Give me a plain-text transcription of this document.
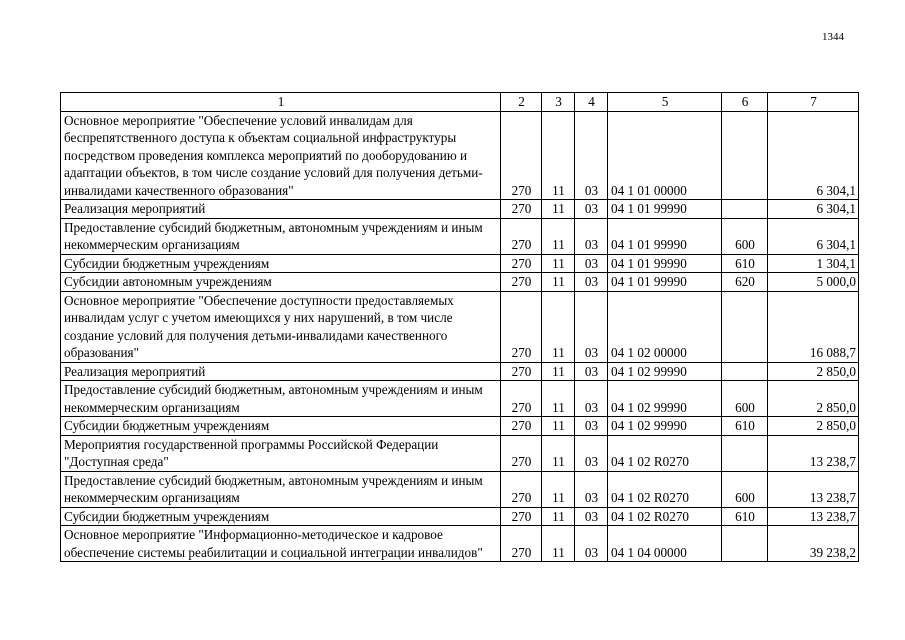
1344
1	2	3	4	5	6	7
Основное мероприятие "Обеспечение условий инвалидам для беспрепятственного доступа к объектам социальной инфраструктуры посредством проведения комплекса мероприятий по дооборудованию и адаптации объектов, в том числе создание условий для получения детьми-инвалидами качественного образования"	270	11	03	04 1 01 00000		6 304,1
Реализация мероприятий	270	11	03	04 1 01 99990		6 304,1
Предоставление субсидий бюджетным, автономным учреждениям и иным некоммерческим организациям	270	11	03	04 1 01 99990	600	6 304,1
Субсидии бюджетным учреждениям	270	11	03	04 1 01 99990	610	1 304,1
Субсидии автономным учреждениям	270	11	03	04 1 01 99990	620	5 000,0
Основное мероприятие "Обеспечение доступности предоставляемых инвалидам услуг с учетом имеющихся у них нарушений, в том числе создание условий для получения детьми-инвалидами качественного образования"	270	11	03	04 1 02 00000		16 088,7
Реализация мероприятий	270	11	03	04 1 02 99990		2 850,0
Предоставление субсидий бюджетным, автономным учреждениям и иным некоммерческим организациям	270	11	03	04 1 02 99990	600	2 850,0
Субсидии бюджетным учреждениям	270	11	03	04 1 02 99990	610	2 850,0
Мероприятия государственной программы Российской Федерации "Доступная среда"	270	11	03	04 1 02 R0270		13 238,7
Предоставление субсидий бюджетным, автономным учреждениям и иным некоммерческим организациям	270	11	03	04 1 02 R0270	600	13 238,7
Субсидии бюджетным учреждениям	270	11	03	04 1 02 R0270	610	13 238,7
Основное мероприятие "Информационно-методическое и кадровое обеспечение системы реабилитации и социальной интеграции инвалидов"	270	11	03	04 1 04 00000		39 238,2
